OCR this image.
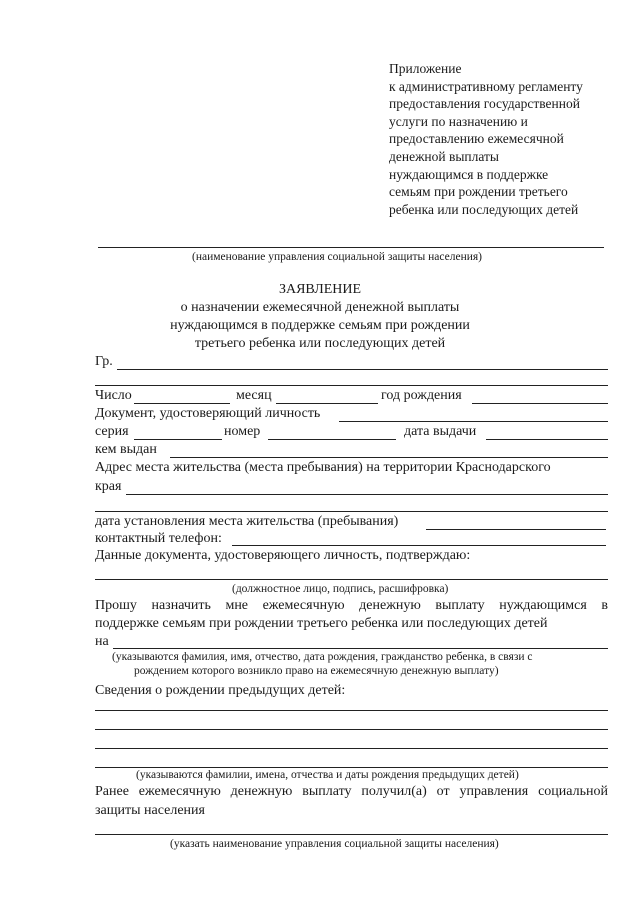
Приложение
к административному регламенту
предоставления государственной
услуги по назначению и
предоставлению ежемесячной
денежной выплаты
нуждающимся в поддержке
семьям при рождении третьего
ребенка или последующих детей
(наименование управления социальной защиты населения)
ЗАЯВЛЕНИЕ
о назначении ежемесячной денежной выплаты
нуждающимся в поддержке семьям при рождении
третьего ребенка или последующих детей
Гр.
Число	месяц	год рождения
Документ, удостоверяющий личность
серия	номер	дата выдачи
кем выдан
Адрес места жительства (места пребывания) на территории Краснодарского
края
дата установления места жительства (пребывания)
контактный телефон:
Данные документа, удостоверяющего личность, подтверждаю:
(должностное лицо, подпись, расшифровка)
Прошу назначить мне ежемесячную денежную выплату нуждающимся в
поддержке семьям при рождении третьего ребенка или последующих детей
на
(указываются фамилия, имя, отчество, дата рождения, гражданство ребенка, в связи с
рождением которого возникло право на ежемесячную денежную выплату)
Сведения о рождении предыдущих детей:
(указываются фамилии, имена, отчества и даты рождения предыдущих детей)
Ранее ежемесячную денежную выплату получил(а) от управления социальной
защиты населения
(указать наименование управления социальной защиты населения)
